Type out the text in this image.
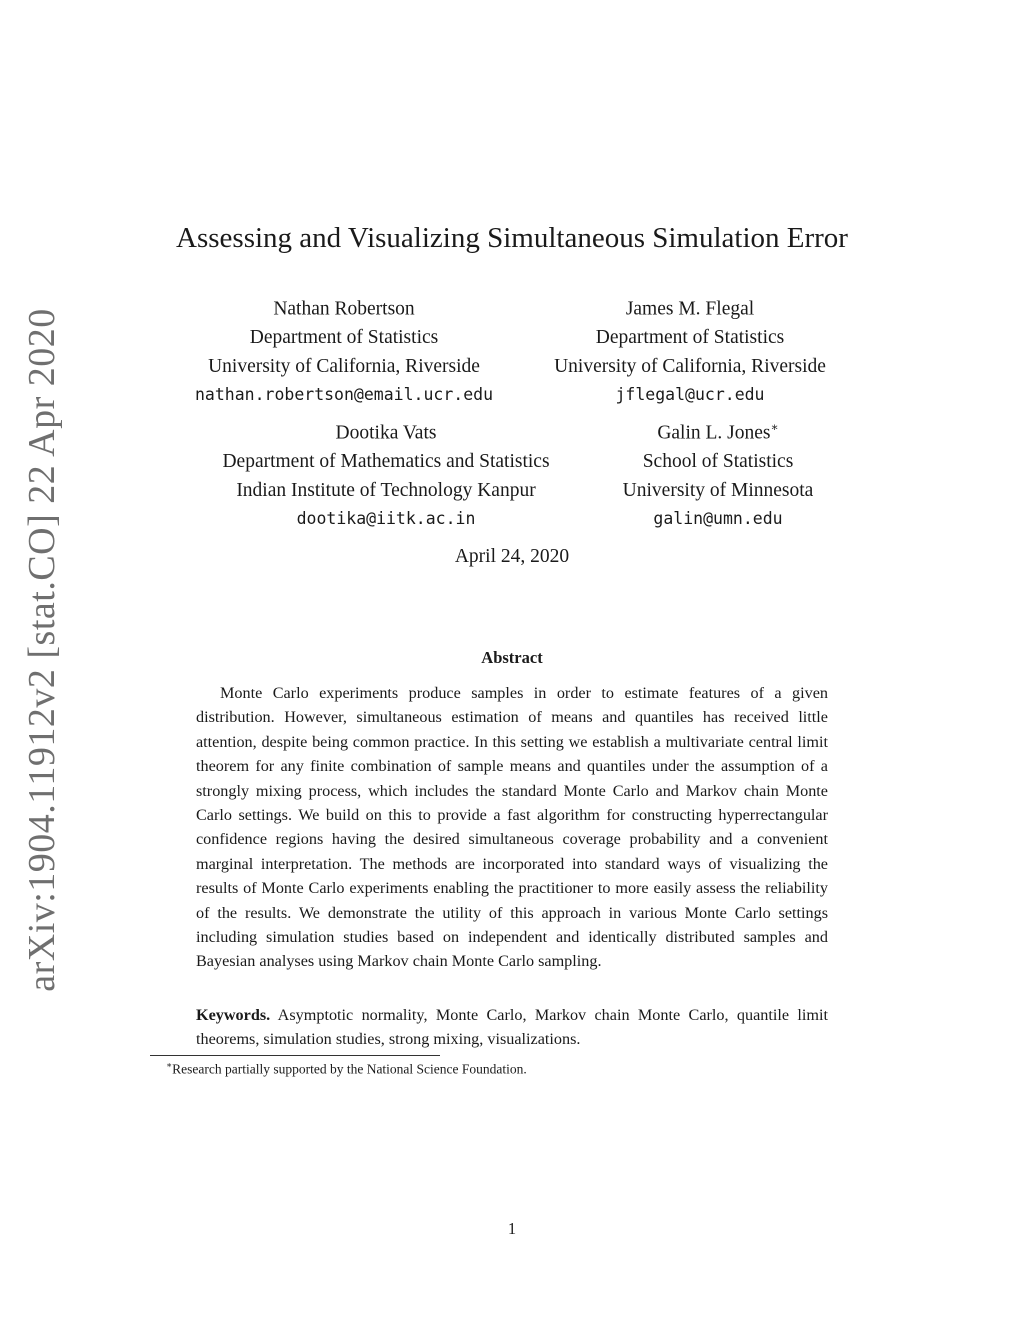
arXiv:1904.11912v2 [stat.CO] 22 Apr 2020
Assessing and Visualizing Simultaneous Simulation Error
Nathan Robertson
Department of Statistics
University of California, Riverside
nathan.robertson@email.ucr.edu
James M. Flegal
Department of Statistics
University of California, Riverside
jflegal@ucr.edu
Dootika Vats
Department of Mathematics and Statistics
Indian Institute of Technology Kanpur
dootika@iitk.ac.in
Galin L. Jones∗
School of Statistics
University of Minnesota
galin@umn.edu
April 24, 2020
Abstract

Monte Carlo experiments produce samples in order to estimate features of a given distribution. However, simultaneous estimation of means and quantiles has received little attention, despite being common practice. In this setting we establish a multivariate central limit theorem for any finite combination of sample means and quantiles under the assumption of a strongly mixing process, which includes the standard Monte Carlo and Markov chain Monte Carlo settings. We build on this to provide a fast algorithm for constructing hyperrectangular confidence regions having the desired simultaneous coverage probability and a convenient marginal interpretation. The methods are incorporated into standard ways of visualizing the results of Monte Carlo experiments enabling the practitioner to more easily assess the reliability of the results. We demonstrate the utility of this approach in various Monte Carlo settings including simulation studies based on independent and identically distributed samples and Bayesian analyses using Markov chain Monte Carlo sampling.

Keywords. Asymptotic normality, Monte Carlo, Markov chain Monte Carlo, quantile limit theorems, simulation studies, strong mixing, visualizations.

∗Research partially supported by the National Science Foundation.
1
